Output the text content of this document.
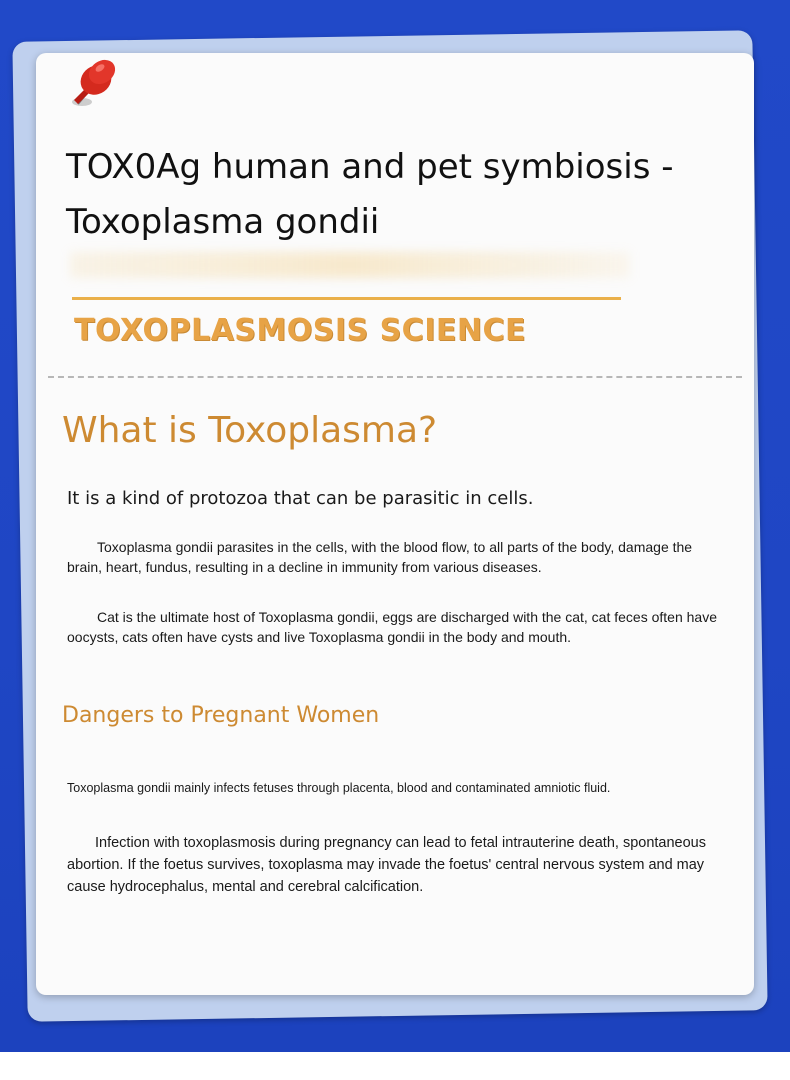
TOX0Ag human and pet symbiosis - Toxoplasma gondii
TOXOPLASMOSIS SCIENCE
What is Toxoplasma?

It is a kind of protozoa that can be parasitic in cells.

Toxoplasma gondii parasites in the cells, with the blood flow, to all parts of the body, damage the brain, heart, fundus, resulting in a decline in immunity from various diseases.

Cat is the ultimate host of Toxoplasma gondii, eggs are discharged with the cat, cat feces often have oocysts, cats often have cysts and live Toxoplasma gondii in the body and mouth.

Dangers to Pregnant Women

Toxoplasma gondii mainly infects fetuses through placenta, blood and contaminated amniotic fluid.

Infection with toxoplasmosis during pregnancy can lead to fetal intrauterine death, spontaneous abortion. If the foetus survives, toxoplasma may invade the foetus' central nervous system and may cause hydrocephalus, mental and cerebral calcification.
